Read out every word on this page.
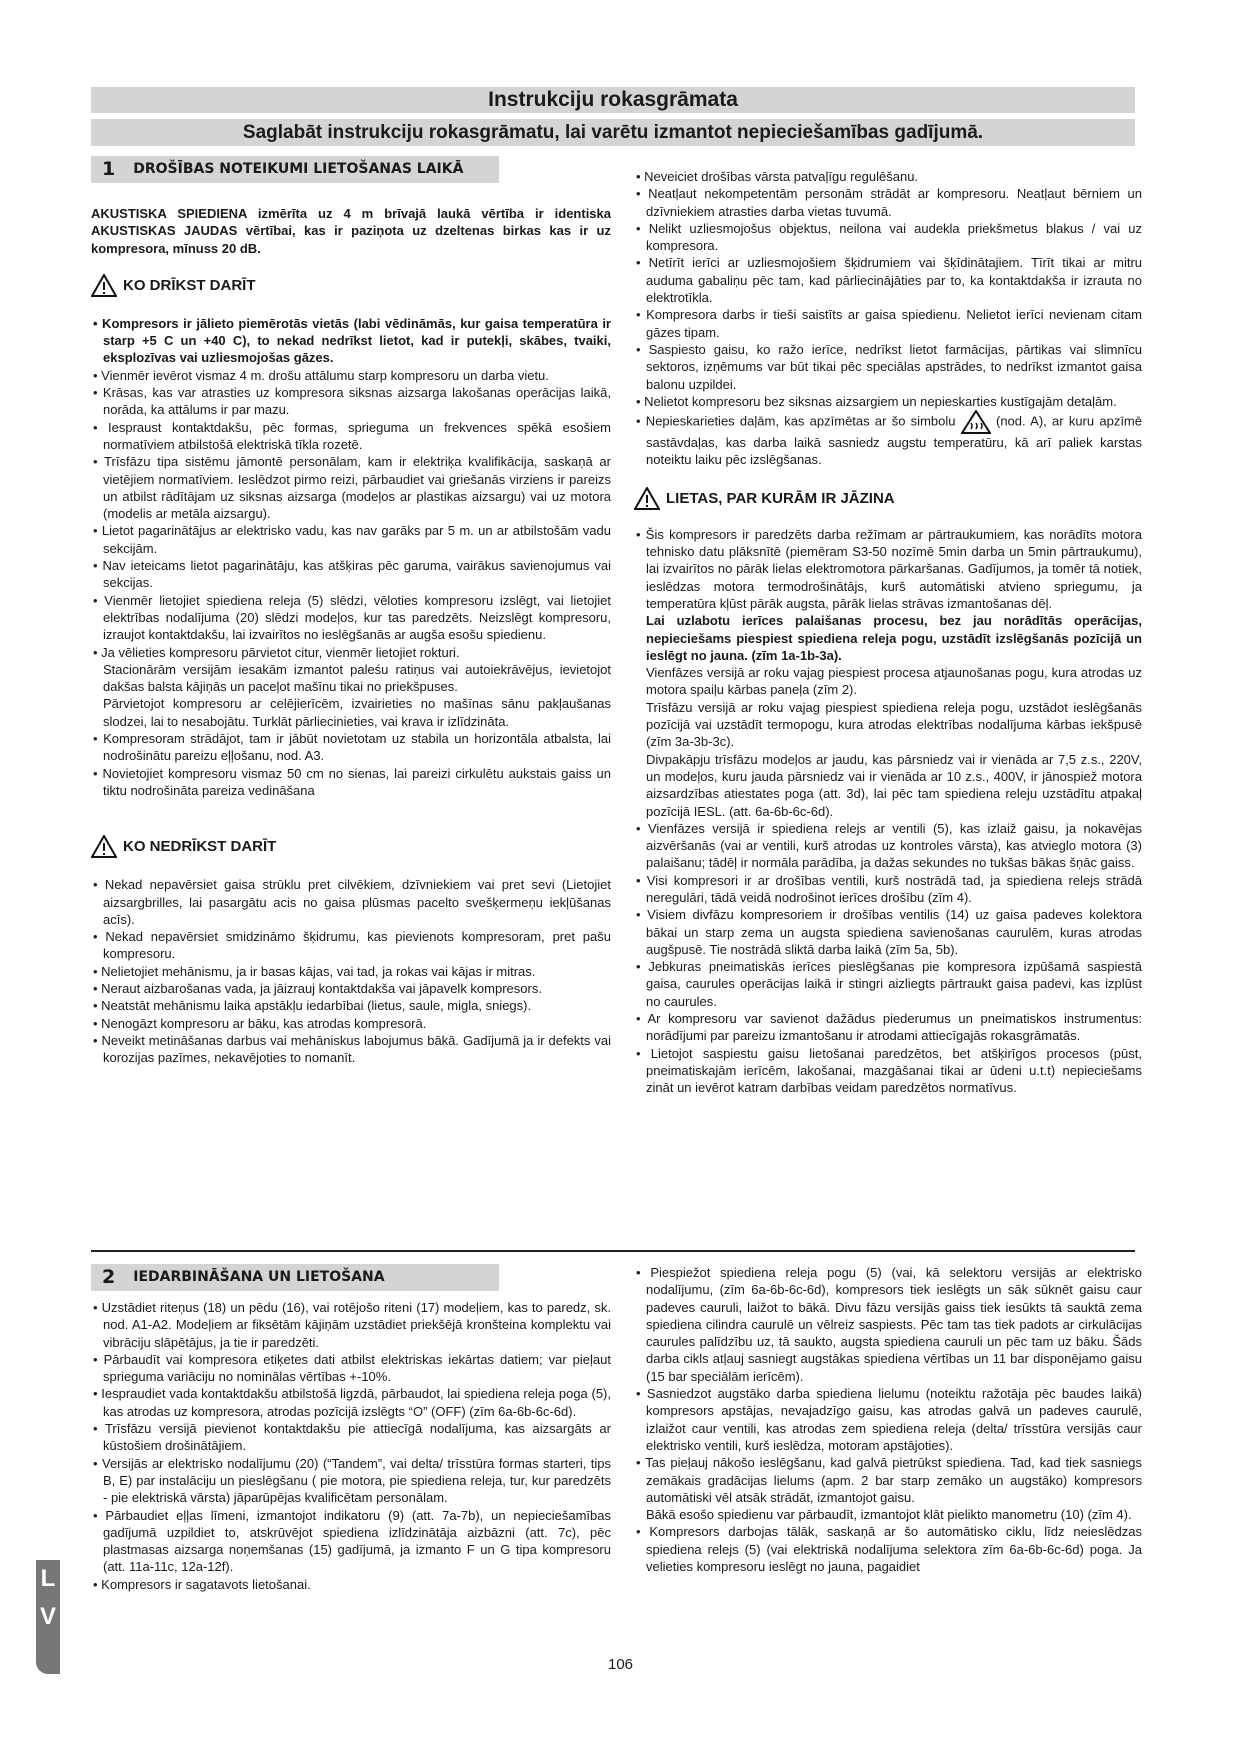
Instrukciju rokasgrāmata
Saglabāt instrukciju rokasgrāmatu, lai varētu izmantot nepieciešamības gadījumā.
1 DROŠĪBAS NOTEIKUMI LIETOŠANAS LAIKĀ

AKUSTISKA SPIEDIENA izmērīta uz 4 m brīvajā laukā vērtība ir identiska AKUSTISKAS JAUDAS vērtībai, kas ir paziņota uz dzeltenas birkas kas ir uz kompresora, mīnuss 20 dB.

KO DRĪKST DARĪT

• Kompresors ir jālieto piemērotās vietās (labi vēdināmās, kur gaisa temperatūra ir starp +5 C un +40 C), to nekad nedrīkst lietot, kad ir putekļi, skābes, tvaiki, eksplozīvas vai uzliesmojošas gāzes.

• Vienmēr ievērot vismaz 4 m. drošu attālumu starp kompresoru un darba vietu.

• Krāsas, kas var atrasties uz kompresora siksnas aizsarga lakošanas operācijas laikā, norāda, ka attālums ir par mazu.

• Iespraust kontaktdakšu, pēc formas, sprieguma un frekvences spēkā esošiem normatīviem atbilstošā elektriskā tīkla rozetē.

• Trīsfāzu tipa sistēmu jāmontē personālam, kam ir elektriķa kvalifikācija, saskaņā ar vietējiem normatīviem. Ieslēdzot pirmo reizi, pārbaudiet vai griešanās virziens ir pareizs un atbilst rādītājam uz siksnas aizsarga (modeļos ar plastikas aizsargu) vai uz motora (modelis ar metāla aizsargu).

• Lietot pagarinātājus ar elektrisko vadu, kas nav garāks par 5 m. un ar atbilstošām vadu sekcijām.

• Nav ieteicams lietot pagarinātāju, kas atšķiras pēc garuma, vairākus savienojumus vai sekcijas.

• Vienmēr lietojiet spiediena releja (5) slēdzi, vēloties kompresoru izslēgt, vai lietojiet elektrības nodalījuma (20) slēdzi modeļos, kur tas paredzēts. Neizslēgt kompresoru, izraujot kontaktdakšu, lai izvairītos no ieslēgšanās ar augša esošu spiedienu.

• Ja vēlieties kompresoru pārvietot citur, vienmēr lietojiet rokturi.

Stacionārām versijām iesakām izmantot paleśu ratiņus vai autoiekrāvējus, ievietojot dakšas balsta kājiņās un paceļot mašīnu tikai no priekšpuses.

Pārvietojot kompresoru ar celējierīcēm, izvairieties no mašīnas sānu pakļaušanas slodzei, lai to nesabojātu. Turklāt pārliecinieties, vai krava ir izlīdzināta.

• Kompresoram strādājot, tam ir jābūt novietotam uz stabila un horizontāla atbalsta, lai nodrošinātu pareizu eļļošanu, nod. A3.

• Novietojiet kompresoru vismaz 50 cm no sienas, lai pareizi cirkulētu aukstais gaiss un tiktu nodrošināta pareiza vedināšana

KO NEDRĪKST DARĪT

• Nekad nepavērsiet gaisa strūklu pret cilvēkiem, dzīvniekiem vai pret sevi (Lietojiet aizsargbrilles, lai pasargātu acis no gaisa plūsmas pacelto svešķermeņu iekļūšanas acīs).

• Nekad nepavērsiet smidzināmo šķidrumu, kas pievienots kompresoram, pret pašu kompresoru.

• Nelietojiet mehānismu, ja ir basas kājas, vai tad, ja rokas vai kājas ir mitras.

• Neraut aizbarošanas vada, ja jāizrauj kontaktdakša vai jāpavelk kompresors.

• Neatstāt mehānismu laika apstākļu iedarbībai (lietus, saule, migla, sniegs).

• Nenogāzt kompresoru ar bāku, kas atrodas kompresorā.

• Neveikt metināšanas darbus vai mehāniskus labojumus bākā. Gadījumā ja ir defekts vai korozijas pazīmes, nekavējoties to nomanīt.

• Neveiciet drošības vārsta patvaļīgu regulēšanu.

• Neatļaut nekompetentām personām strādāt ar kompresoru. Neatļaut bērniem un dzīvniekiem atrasties darba vietas tuvumā.

• Nelikt uzliesmojošus objektus, neilona vai audekla priekšmetus blakus / vai uz kompresora.

• Netīrīt ierīci ar uzliesmojošiem šķidrumiem vai šķīdinātajiem. Tīrīt tikai ar mitru auduma gabaliņu pēc tam, kad pārliecinājāties par to, ka kontaktdakša ir izrauta no elektrotīkla.

• Kompresora darbs ir tieši saistīts ar gaisa spiedienu. Nelietot ierīci nevienam citam gāzes tipam.

• Saspiesto gaisu, ko ražo ierīce, nedrīkst lietot farmācijas, pārtikas vai slimnīcu sektoros, izņēmums var būt tikai pēc speciālas apstrādes, to nedrīkst izmantot gaisa balonu uzpildei.

• Nelietot kompresoru bez siksnas aizsargiem un nepieskarties kustīgajām detaļām.

• Nepieskarieties daļām, kas apzīmētas ar šo simbolu	(nod. A), ar kuru apzīmē sastāvdaļas, kas darba laikā sasniedz augstu temperatūru, kā arī paliek karstas noteiktu laiku pēc izslēgšanas.

LIETAS, PAR KURĀM IR JĀZINA

• Šis kompresors ir paredzēts darba režīmam ar pārtraukumiem, kas norādīts motora tehnisko datu plāksnītē (piemēram S3-50 nozīmē 5min darba un 5min pārtraukumu), lai izvairītos no pārāk lielas elektromotora pārkaršanas. Gadījumos, ja tomēr tā notiek, ieslēdzas motora termodrošinātājs, kurš automātiski atvieno spriegumu, ja temperatūra kļūst pārāk augsta, pārāk lielas strāvas izmantošanas dēļ.

Lai uzlabotu ierīces palaišanas procesu, bez jau norādītās operācijas, nepieciešams piespiest spiediena releja pogu, uzstādīt izslēgšanās pozīcijā un ieslēgt no jauna. (zīm 1a-1b-3a).

Vienfāzes versijā ar roku vajag piespiest procesa atjaunošanas pogu, kura atrodas uz motora spaiļu kārbas paneļa (zīm 2).

Trīsfāzu versijā ar roku vajag piespiest spiediena releja pogu, uzstādot ieslēgšanās pozīcijā vai uzstādīt termopogu, kura atrodas elektrības nodalījuma kārbas iekšpusē (zīm 3a-3b-3c).

Divpakāpju trīsfāzu modeļos ar jaudu, kas pārsniedz vai ir vienāda ar 7,5 z.s., 220V, un modeļos, kuru jauda pārsniedz vai ir vienāda ar 10 z.s., 400V, ir jānospiež motora aizsardzības atiestates poga (att. 3d), lai pēc tam spiediena releju uzstādītu atpakaļ pozīcijā IESL. (att. 6a-6b-6c-6d).

• Vienfāzes versijā ir spiediena relejs ar ventili (5), kas izlaiž gaisu, ja nokavējas aizvēršanās (vai ar ventili, kurš atrodas uz kontroles vārsta), kas atvieglo motora (3) palaišanu; tādēļ ir normāla parādība, ja dažas sekundes no tukšas bākas šņāc gaiss.

• Visi kompresori ir ar drošības ventili, kurš nostrādā tad, ja spiediena relejs strādā neregulāri, tādā veidā nodrošinot ierīces drošību (zīm 4).

• Visiem divfāzu kompresoriem ir drošības ventilis (14) uz gaisa padeves kolektora bākai un starp zema un augsta spiediena savienošanas caurulēm, kuras atrodas augšpusē. Tie nostrādā sliktā darba laikā (zīm 5a, 5b).

• Jebkuras pneimatiskās ierīces pieslēgšanas pie kompresora izpūšamā saspiestā gaisa, caurules operācijas laikā ir stingri aizliegts pārtraukt gaisa padevi, kas izplūst no caurules.

• Ar kompresoru var savienot dažādus piederumus un pneimatiskos instrumentus: norādījumi par pareizu izmantošanu ir atrodami attiecīgajās rokasgrāmatās.

• Lietojot saspiestu gaisu lietošanai paredzētos, bet atšķirīgos procesos (pūst, pneimatiskajām ierīcēm, lakošanai, mazgāšanai tikai ar ūdeni u.t.t) nepieciešams zināt un ievērot katram darbības veidam paredzētos normatīvus.

2 IEDARBINĀŠANA UN LIETOŠANA

• Uzstādiet riteņus (18) un pēdu (16), vai rotējošo riteni (17) modeļiem, kas to paredz, sk. nod. A1-A2. Modeļiem ar fiksētām kājiņām uzstādiet priekšējā kronšteina komplektu vai vibrāciju slāpētājus, ja tie ir paredzēti.

• Pārbaudīt vai kompresora etiķetes dati atbilst elektriskas iekārtas datiem; var pieļaut sprieguma variāciju no nominālas vērtības +-10%.

• Iespraudiet vada kontaktdakšu atbilstošā ligzdā, pārbaudot, lai spiediena releja poga (5), kas atrodas uz kompresora, atrodas pozīcijā izslēgts “O” (OFF) (zīm 6a-6b-6c-6d).

• Trīsfāzu versijā pievienot kontaktdakšu pie attiecīgā nodalījuma, kas aizsargāts ar kūstošiem drošinātājiem.

• Versijās ar elektrisko nodalījumu (20) (“Tandem”, vai delta/ trīsstūra formas starteri, tips B, E) par instalāciju un pieslēgšanu ( pie motora, pie spiediena releja, tur, kur paredzēts - pie elektriskā vārsta) jāparūpējas kvalificētam personālam.

• Pārbaudiet eļļas līmeni, izmantojot indikatoru (9) (att. 7a-7b), un nepieciešamības gadījumā uzpildiet to, atskrūvējot spiediena izlīdzinātāja aizbāzni (att. 7c), pēc plastmasas aizsarga noņemšanas (15) gadījumā, ja izmanto F un G tipa kompresoru (att. 11a-11c, 12a-12f).

• Kompresors ir sagatavots lietošanai.

• Piespiežot spiediena releja pogu (5) (vai, kā selektoru versijās ar elektrisko nodalījumu, (zīm 6a-6b-6c-6d), kompresors tiek ieslēgts un sāk sūknēt gaisu caur padeves cauruli, laižot to bākā. Divu fāzu versijās gaiss tiek iesūkts tā sauktā zema spiediena cilindra caurulē un vēlreiz saspiests. Pēc tam tas tiek padots ar cirkulācijas caurules palīdzību uz, tā saukto, augsta spiediena cauruli un pēc tam uz bāku. Šāds darba cikls atļauj sasniegt augstākas spiediena vērtības un 11 bar disponējamo gaisu (15 bar speciālām ierīcēm).

• Sasniedzot augstāko darba spiediena lielumu (noteiktu ražotāja pēc baudes laikā) kompresors apstājas, nevajadzīgo gaisu, kas atrodas galvā un padeves caurulē, izlaižot caur ventili, kas atrodas zem spiediena releja (delta/ trīsstūra versijās caur elektrisko ventili, kurš ieslēdza, motoram apstājoties).

• Tas pieļauj nākošo ieslēgšanu, kad galvā pietrūkst spiediena. Tad, kad tiek sasniegs zemākais gradācijas lielums (apm. 2 bar starp zemāko un augstāko) kompresors automātiski vēl atsāk strādāt, izmantojot gaisu.

Bākā esošo spiedienu var pārbaudīt, izmantojot klāt pielikto manometru (10) (zīm 4).

• Kompresors darbojas tālāk, saskaņā ar šo automātisko ciklu, līdz neieslēdzas spiediena relejs (5) (vai elektriskā nodalījuma selektora zīm 6a-6b-6c-6d) poga. Ja velieties kompresoru ieslēgt no jauna, pagaidiet

106
L
V
